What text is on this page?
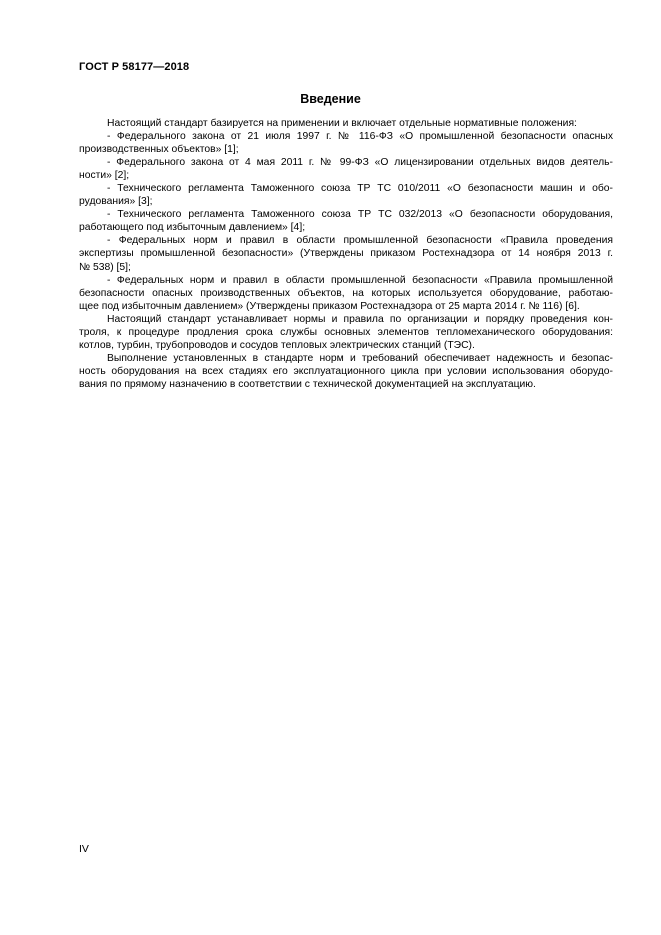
ГОСТ Р 58177—2018
Введение

Настоящий стандарт базируется на применении и включает отдельные нормативные положения:

- Федерального закона от 21 июля 1997 г. № 116-ФЗ «О промышленной безопасности опасных
производственных объектов» [1];

- Федерального закона от 4 мая 2011 г. № 99-ФЗ «О лицензировании отдельных видов деятель-
ности» [2];

- Технического регламента Таможенного союза ТР ТС 010/2011 «О безопасности машин и обо-
рудования» [3];

- Технического регламента Таможенного союза ТР ТС 032/2013 «О безопасности оборудования,
работающего под избыточным давлением» [4];

- Федеральных норм и правил в области промышленной безопасности «Правила проведения
экспертизы промышленной безопасности» (Утверждены приказом Ростехнадзора от 14 ноября 2013 г.
№ 538) [5];

- Федеральных норм и правил в области промышленной безопасности «Правила промышленной
безопасности опасных производственных объектов, на которых используется оборудование, работаю-
щее под избыточным давлением» (Утверждены приказом Ростехнадзора от 25 марта 2014 г. № 116) [6].

Настоящий стандарт устанавливает нормы и правила по организации и порядку проведения кон-
троля, к процедуре продления срока службы основных элементов тепломеханического оборудования:
котлов, турбин, трубопроводов и сосудов тепловых электрических станций (ТЭС).

Выполнение установленных в стандарте норм и требований обеспечивает надежность и безопас-
ность оборудования на всех стадиях его эксплуатационного цикла при условии использования оборудо-
вания по прямому назначению в соответствии с технической документацией на эксплуатацию.

IV
